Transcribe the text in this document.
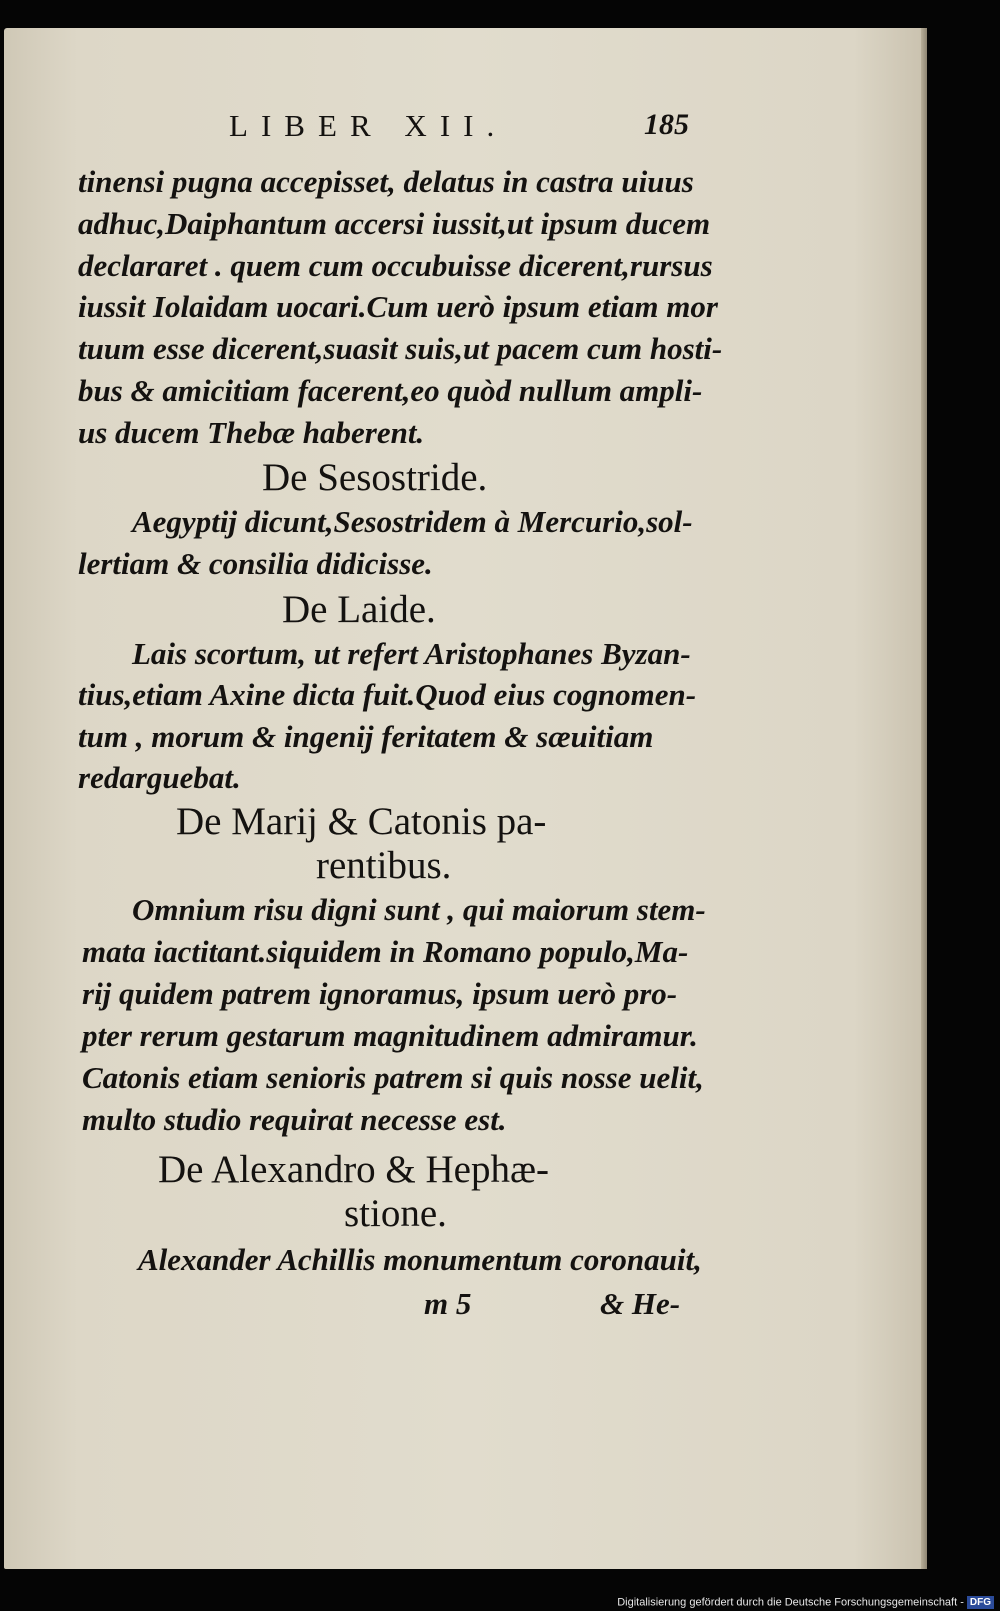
LIBER XII.	185
tinensi pugna accepisset, delatus in castra uiuus
adhuc,Daiphantum accersi iussit,ut ipsum ducem
declararet . quem cum occubuisse dicerent,rursus
iussit Iolaidam uocari.Cum uerò ipsum etiam mor
tuum esse dicerent,suasit suis,ut pacem cum hosti-
bus & amicitiam facerent,eo quòd nullum ampli-
us ducem Thebæ haberent.
De Sesostride.
Aegyptij dicunt,Sesostridem à Mercurio,sol-
lertiam & consilia didicisse.
De Laide.
Lais scortum, ut refert Aristophanes Byzan-
tius,etiam Axine dicta fuit.Quod eius cognomen-
tum , morum & ingenij feritatem & sæuitiam
redarguebat.
De Marij & Catonis pa-
rentibus.
Omnium risu digni sunt , qui maiorum stem-
mata iactitant.siquidem in Romano populo,Ma-
rij quidem patrem ignoramus, ipsum uerò pro-
pter rerum gestarum magnitudinem admiramur.
Catonis etiam senioris patrem si quis nosse uelit,
multo studio requirat necesse est.
De Alexandro & Hephæ-
stione.
Alexander Achillis monumentum coronauit,
m 5	& He-
Digitalisierung gefördert durch die Deutsche Forschungsgemeinschaft - DFG
